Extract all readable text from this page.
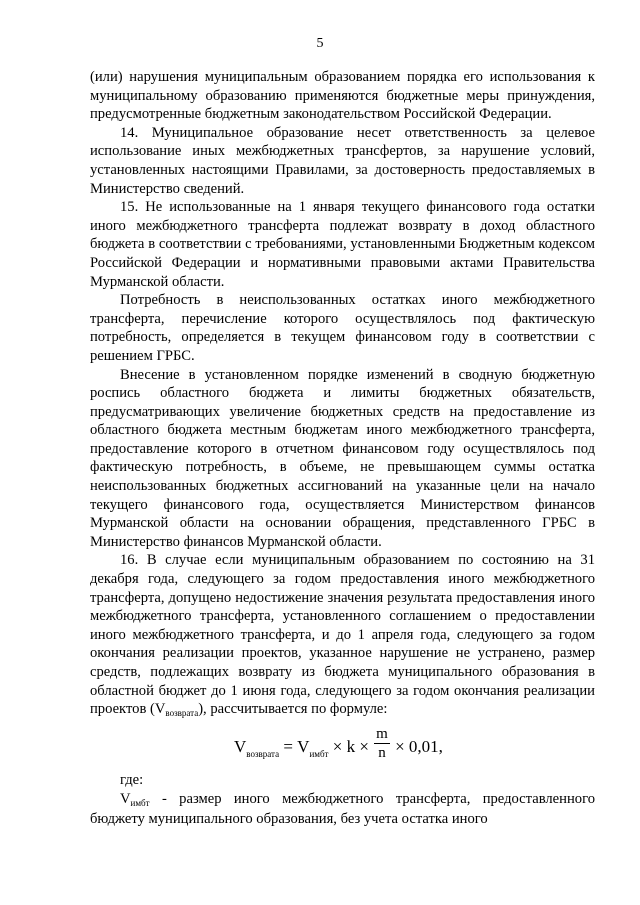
5

(или) нарушения муниципальным образованием порядка его использования к муниципальному образованию применяются бюджетные меры принуждения, предусмотренные бюджетным законодательством Российской Федерации.

14. Муниципальное образование несет ответственность за целевое использование иных межбюджетных трансфертов, за нарушение условий, установленных настоящими Правилами, за достоверность предоставляемых в Министерство сведений.

15. Не использованные на 1 января текущего финансового года остатки иного межбюджетного трансферта подлежат возврату в доход областного бюджета в соответствии с требованиями, установленными Бюджетным кодексом Российской Федерации и нормативными правовыми актами Правительства Мурманской области.

Потребность в неиспользованных остатках иного межбюджетного трансферта, перечисление которого осуществлялось под фактическую потребность, определяется в текущем финансовом году в соответствии с решением ГРБС.

Внесение в установленном порядке изменений в сводную бюджетную роспись областного бюджета и лимиты бюджетных обязательств, предусматривающих увеличение бюджетных средств на предоставление из областного бюджета местным бюджетам иного межбюджетного трансферта, предоставление которого в отчетном финансовом году осуществлялось под фактическую потребность, в объеме, не превышающем суммы остатка неиспользованных бюджетных ассигнований на указанные цели на начало текущего финансового года, осуществляется Министерством финансов Мурманской области на основании обращения, представленного ГРБС в Министерство финансов Мурманской области.

16. В случае если муниципальным образованием по состоянию на 31 декабря года, следующего за годом предоставления иного межбюджетного трансферта, допущено недостижение значения результата предоставления иного межбюджетного трансферта, установленного соглашением о предоставлении иного межбюджетного трансферта, и до 1 апреля года, следующего за годом окончания реализации проектов, указанное нарушение не устранено, размер средств, подлежащих возврату из бюджета муниципального образования в областной бюджет до 1 июня года, следующего за годом окончания реализации проектов $(V_{возврата})$, рассчитывается по формуле:

$V_{возврата} = V_{имбт} \times k \times \frac{m}{n} \times 0,01$,
где:

$V_{имбт}$ - размер иного межбюджетного трансферта, предоставленного бюджету муниципального образования, без учета остатка иного
